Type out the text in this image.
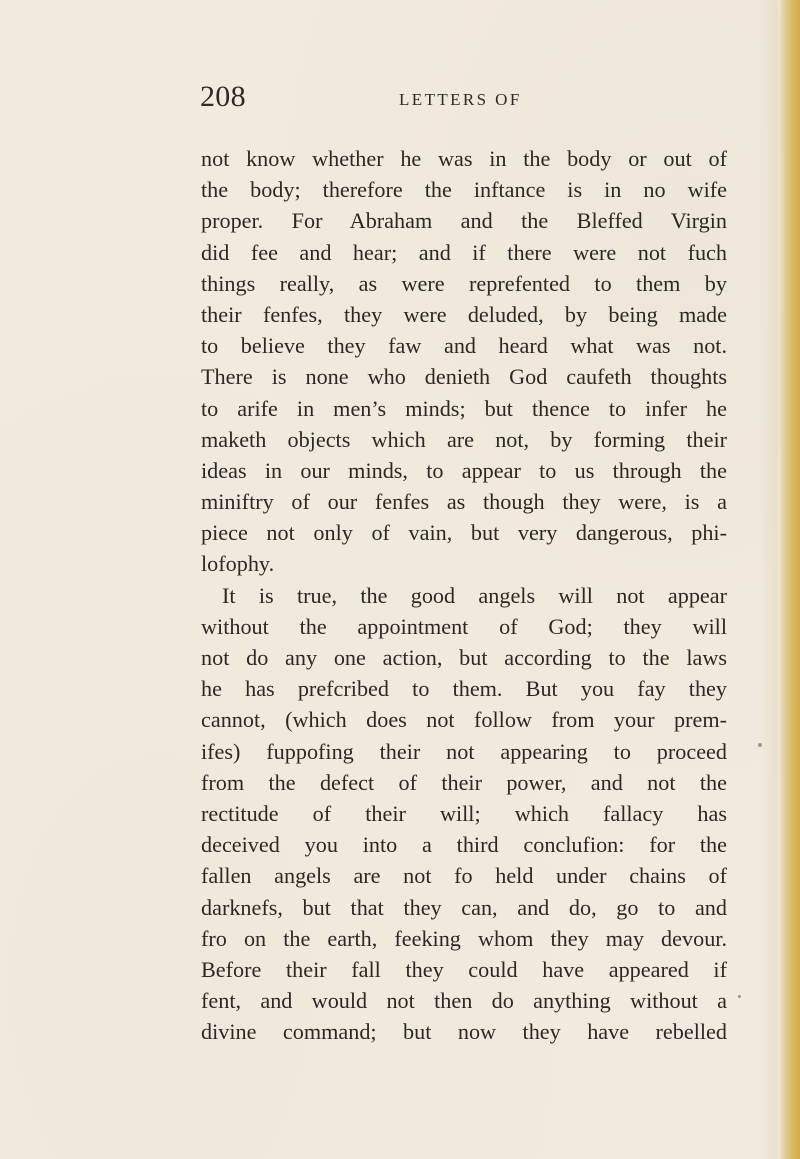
208	LETTERS OF
not know whether he was in the body or out of
the body; therefore the inftance is in no wife
proper. For Abraham and the Bleffed Virgin
did fee and hear; and if there were not fuch
things really, as were reprefented to them by
their fenfes, they were deluded, by being made
to believe they faw and heard what was not.
There is none who denieth God caufeth thoughts
to arife in men’s minds; but thence to infer he
maketh objects which are not, by forming their
ideas in our minds, to appear to us through the
miniftry of our fenfes as though they were, is a
piece not only of vain, but very dangerous, phi-
lofophy.
It is true, the good angels will not appear
without the appointment of God; they will
not do any one action, but according to the laws
he has prefcribed to them. But you fay they
cannot, (which does not follow from your prem-
ifes) fuppofing their not appearing to proceed
from the defect of their power, and not the
rectitude of their will; which fallacy has
deceived you into a third conclufion: for the
fallen angels are not fo held under chains of
darknefs, but that they can, and do, go to and
fro on the earth, feeking whom they may devour.
Before their fall they could have appeared if
fent, and would not then do anything without a
divine command; but now they have rebelled
